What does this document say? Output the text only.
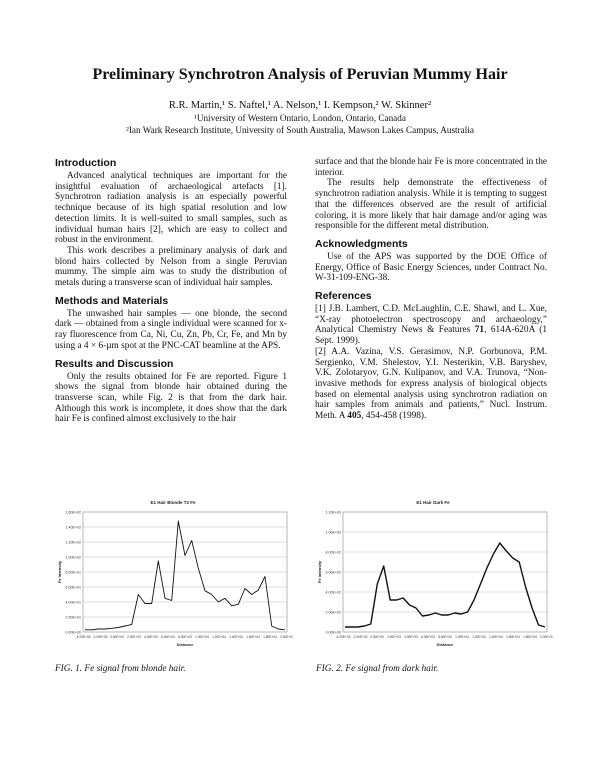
Preliminary Synchrotron Analysis of Peruvian Mummy Hair
R.R. Martin,¹ S. Naftel,¹ A. Nelson,¹ I. Kempson,² W. Skinner²
¹University of Western Ontario, London, Ontario, Canada
²Ian Wark Research Institute, University of South Australia, Mawson Lakes Campus, Australia
Introduction

Advanced analytical techniques are important for the insightful evaluation of archaeological artefacts [1]. Synchrotron radiation analysis is an especially powerful technique because of its high spatial resolution and low detection limits. It is well-suited to small samples, such as individual human hairs [2], which are easy to collect and robust in the environment.

This work describes a preliminary analysis of dark and blond hairs collected by Nelson from a single Peruvian mummy. The simple aim was to study the distribution of metals during a transverse scan of individual hair samples.

Methods and Materials

The unwashed hair samples — one blonde, the second dark — obtained from a single individual were scanned for x-ray fluorescence from Ca, Ni, Cu, Zn, Pb, Cr, Fe, and Mn by using a 4 × 6-µm spot at the PNC-CAT beamline at the APS.

Results and Discussion

Only the results obtained for Fe are reported. Figure 1 shows the signal from blonde hair obtained during the transverse scan, while Fig. 2 is that from the dark hair. Although this work is incomplete, it does show that the dark hair Fe is confined almost exclusively to the hair

surface and that the blonde hair Fe is more concentrated in the interior.

The results help demonstrate the effectiveness of synchrotron radiation analysis. While it is tempting to suggest that the differences observed are the result of artificial coloring, it is more likely that hair damage and/or aging was responsible for the different metal distribution.

Acknowledgments

Use of the APS was supported by the DOE Office of Energy, Office of Basic Energy Sciences, under Contract No. W-31-109-ENG-38.

References

[1] J.B. Lambert, C.D. McLaughlin, C.E. Shawl, and L. Xue, “X-ray photoelectron spectroscopy and archaeology,” Analytical Chemistry News & Features 71, 614A-620A (1 Sept. 1999).

[2] A.A. Vazina, V.S. Gerasimov, N.P. Gorbunova, P.M. Sergienko, V.M. Shelestov, Y.I. Nesterikin, V.B. Baryshev, V.K. Zolotaryov, G.N. Kulipanov, and V.A. Trunova, “Non-invasive methods for express analysis of biological objects based on elemental analysis using synchrotron radiation on hair samples from animals and patients,” Nucl. Instrum. Meth. A 405, 454-458 (1998).

E1 Hair Blonde T2 Fe
0.00E+00
2.00E+01
4.00E+01
6.00E+01
8.00E+01
1.00E+02
1.20E+02
1.40E+02
1.60E+02
-4.00E+03 -2.00E+03 0.00E+00 2.00E+03 4.00E+03 6.00E+03 8.00E+03 1.00E+04 1.20E+04 1.40E+04 1.60E+04 1.80E+04 2.00E+04
Distance
Fe Intensity
E1 Hair Dark Fe
0.00E+00
2.00E+02
4.00E+02
6.00E+02
8.00E+02
1.00E+03
1.20E+03
-4.00E+03 -2.00E+03 0.00E+00 2.00E+03 4.00E+03 6.00E+03 8.00E+03 1.00E+04 1.20E+04 1.40E+04 1.60E+04 1.80E+04 2.00E+04
Distance
Fe Intensity
FIG. 1. Fe signal from blonde hair.	FIG. 2. Fe signal from dark hair.
